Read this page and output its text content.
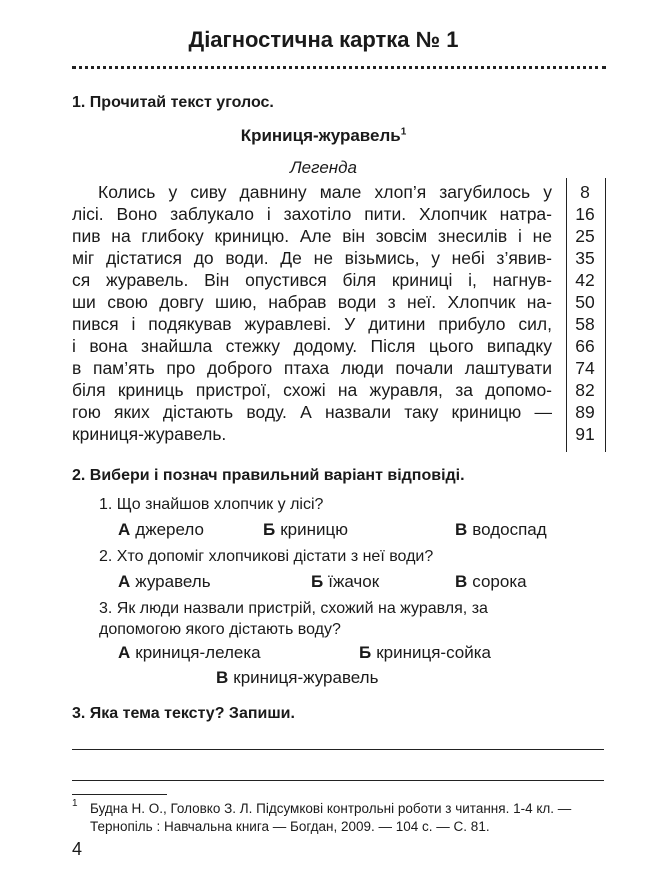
Діагностична картка № 1
1. Прочитай текст уголос.
Криниця-журавель$^1$
Легенда
Колись у сиву давнину мале хлоп’я загубилось у
лісі. Воно заблукало і захотіло пити. Хлопчик натра-
пив на глибоку криницю. Але він зовсім знесилів і не
міг дістатися до води. Де не візьмись, у небі з’явив-
ся журавель. Він опустився біля криниці і, нагнув-
ши свою довгу шию, набрав води з неї. Хлопчик на-
пився і подякував журавлеві. У дитини прибуло сил,
і вона знайшла стежку додому. Після цього випадку
в пам’ять про доброго птаха люди почали лаштувати
біля криниць пристрої, схожі на журавля, за допомо-
гою яких дістають воду. А назвали таку криницю —
криниця-журавель.
8
16
25
35
42
50
58
66
74
82
89
91
2. Вибери і познач правильний варіант відповіді.
1. Що знайшов хлопчик у лісі?
А джерело	Б криницю	В водоспад
2. Хто допоміг хлопчикові дістати з неї води?
А журавель	Б їжачок	В сорока
3. Як люди назвали пристрій, схожий на журавля, за
допомогою якого дістають воду?
А криниця-лелека	Б криниця-сойка
В криниця-журавель
3. Яка тема тексту? Запиши.
1 Будна Н. О., Головко З. Л. Підсумкові контрольні роботи з читання. 1-4 кл. —
Тернопіль : Навчальна книга — Богдан, 2009. — 104 с. — С. 81.
4
